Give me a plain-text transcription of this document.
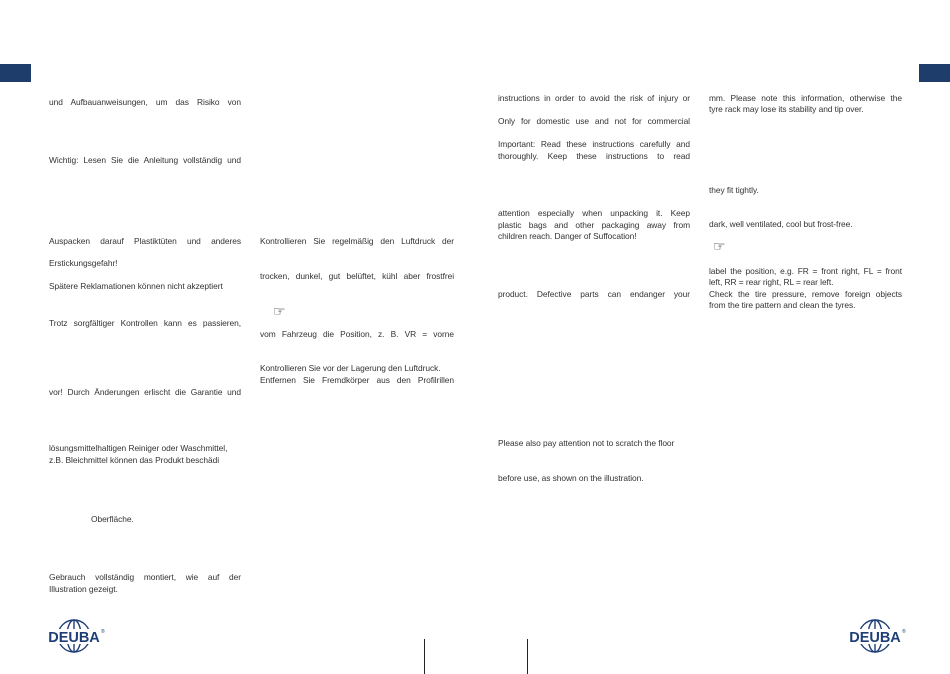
und Aufbauanweisungen, um das Risiko von
Wichtig: Lesen Sie die Anleitung vollständig und
Auspacken darauf Plastiktüten und anderes
Erstickungsgefahr!
Spätere Reklamationen können nicht akzeptiert
Trotz sorgfältiger Kontrollen kann es passieren,
vor! Durch Änderungen erlischt die Garantie und
lösungsmittelhaltigen Reiniger oder Waschmittel,
z.B. Bleichmittel können das Produkt beschädi
Oberfläche.
Gebrauch vollständig montiert, wie auf der
Illustration gezeigt.
Kontrollieren Sie regelmäßig den Luftdruck der
trocken, dunkel, gut belüftet, kühl aber frostfrei
☞
vom Fahrzeug die Position, z. B. VR = vorne
Kontrollieren Sie vor der Lagerung den Luftdruck.
Entfernen Sie Fremdkörper aus den Profilrillen
instructions in order to avoid the risk of injury or
Only for domestic use and not for commercial
Important: Read these instructions carefully and
thoroughly. Keep these instructions to read
attention especially when unpacking it. Keep
plastic bags and other packaging away from
children reach. Danger of Suffocation!
product. Defective parts can endanger your
Please also pay attention not to scratch the floor
before use, as shown on the illustration.
mm. Please note this information, otherwise the
tyre rack may lose its stability and tip over.
they fit tightly.
dark, well ventilated, cool but frost-free.
☞
label the position, e.g. FR = front right, FL = front
left, RR = rear right, RL = rear left.
Check the tire pressure, remove foreign objects
from the tire pattern and clean the tyres.
DEUBA ®	DEUBA ®
